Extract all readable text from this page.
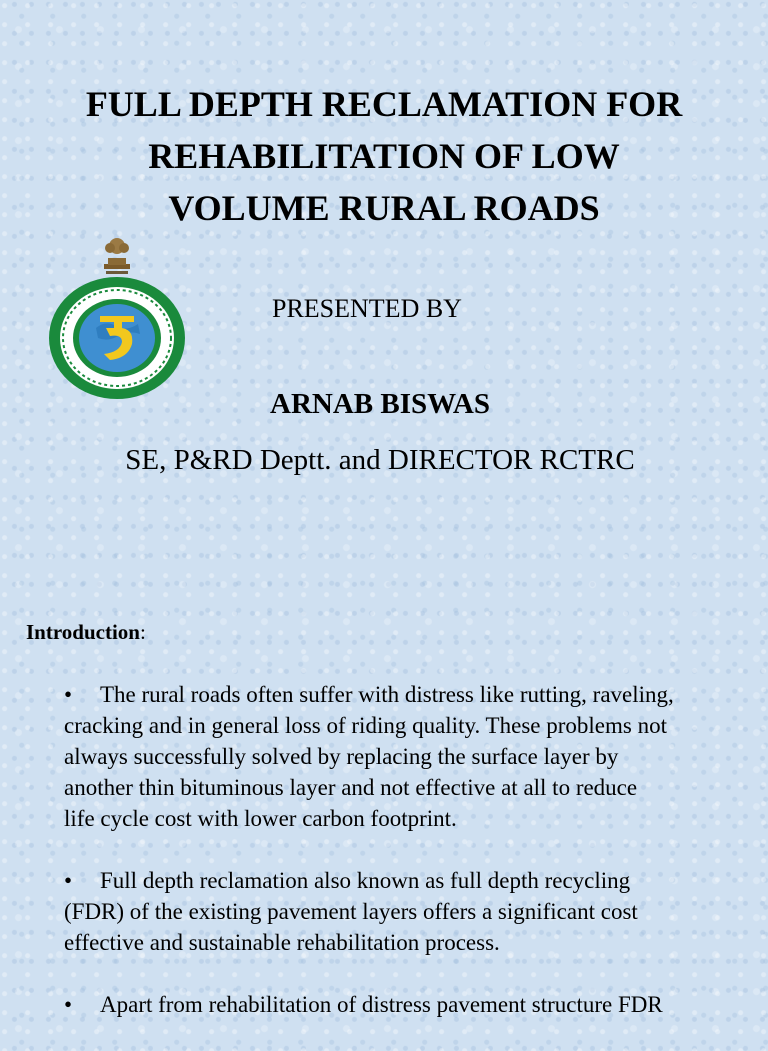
FULL DEPTH RECLAMATION FOR
REHABILITATION OF LOW
VOLUME RURAL ROADS
PRESENTED BY
ARNAB BISWAS
SE, P&RD Deptt. and DIRECTOR RCTRC
Introduction:
• The rural roads often suffer with distress like rutting, raveling,
cracking and in general loss of riding quality. These problems not
always successfully solved by replacing the surface layer by
another thin bituminous layer and not effective at all to reduce
life cycle cost with lower carbon footprint.
• Full depth reclamation also known as full depth recycling
(FDR) of the existing pavement layers offers a significant cost
effective and sustainable rehabilitation process.
• Apart from rehabilitation of distress pavement structure FDR
